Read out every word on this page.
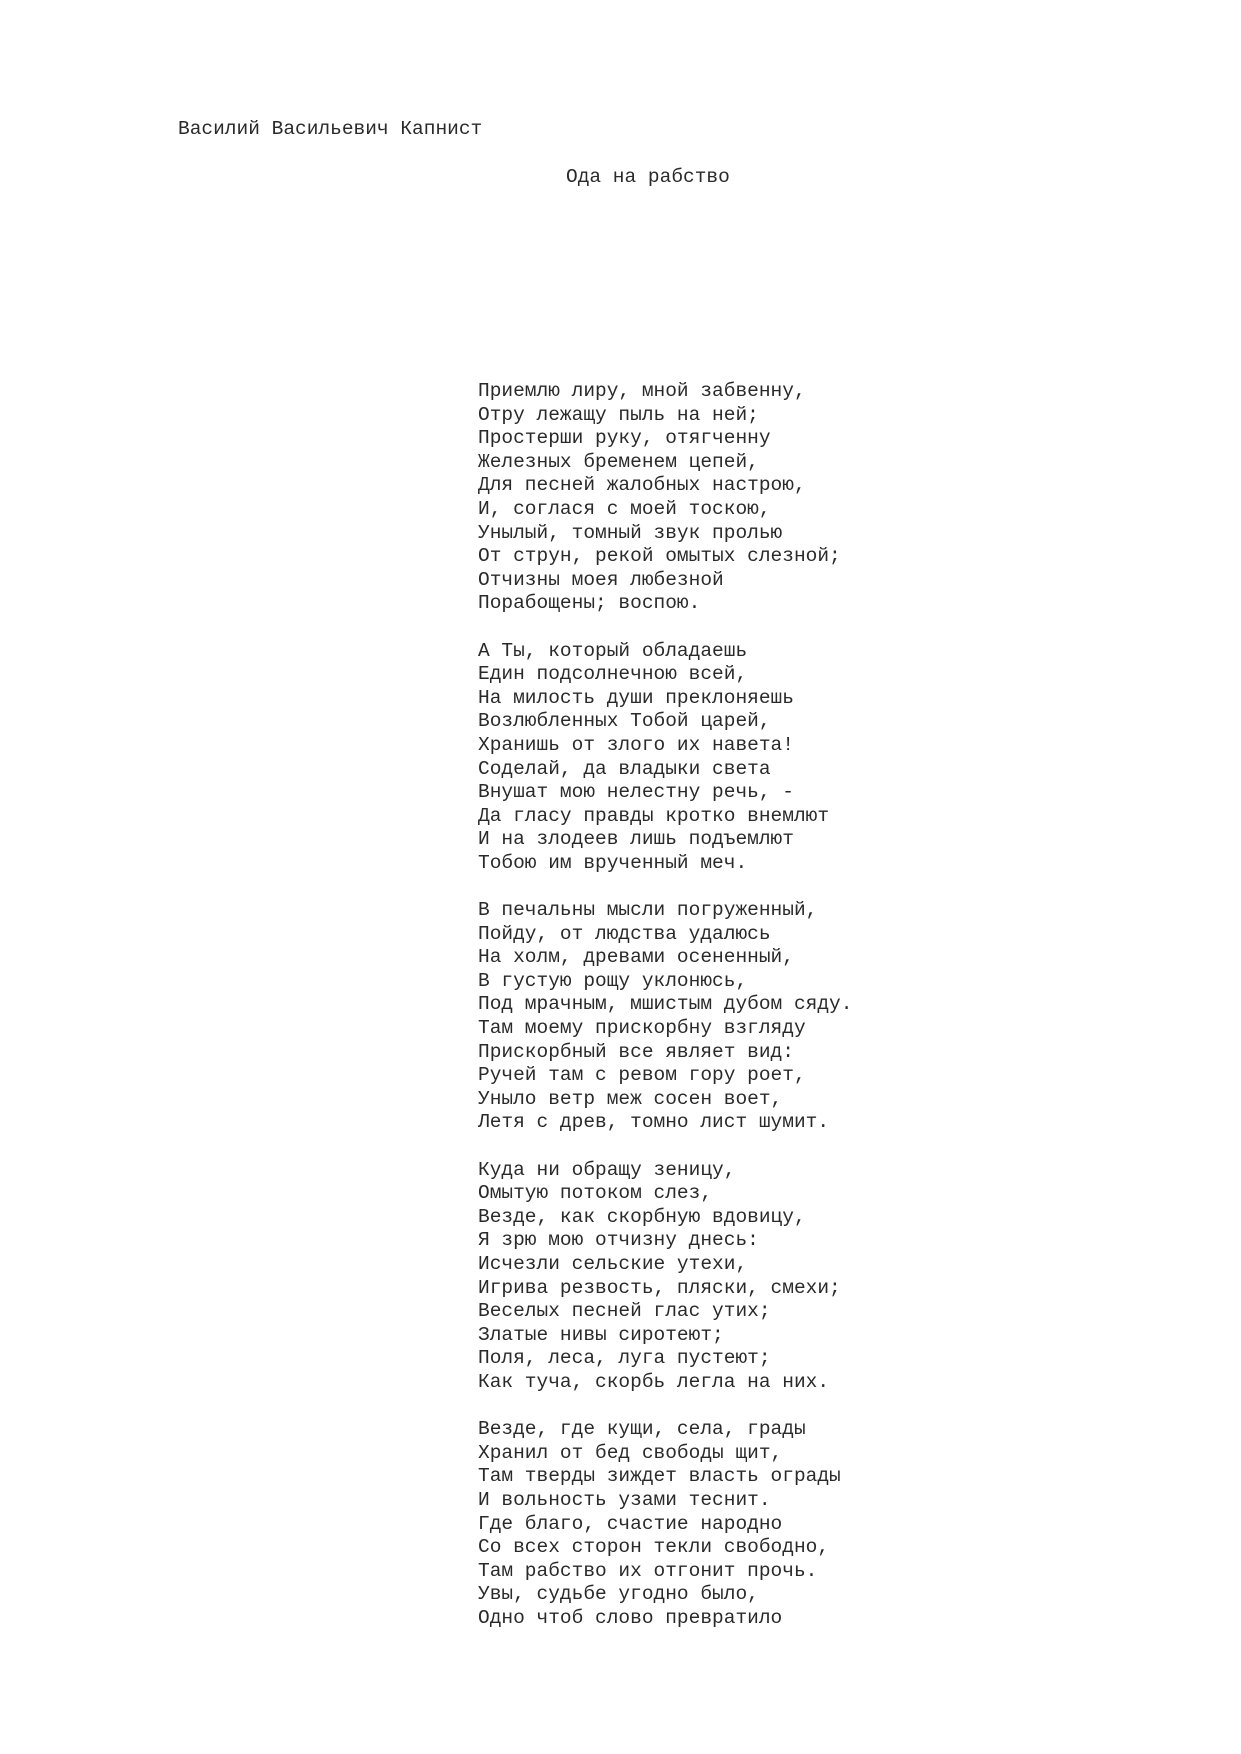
Василий Васильевич Капнист

Ода на рабство

Приемлю лиру, мной забвенну,
Отру лежащу пыль на ней;
Простерши руку, отягченну
Железных бременем цепей,
Для песней жалобных настрою,
И, соглася с моей тоскою,
Унылый, томный звук пролью
От струн, рекой омытых слезной;
Отчизны моея любезной
Порабощены; воспою.
А Ты, который обладаешь
Един подсолнечною всей,
На милость души преклоняешь
Возлюбленных Тобой царей,
Хранишь от злого их навета!
Соделай, да владыки света
Внушат мою нелестну речь, -
Да гласу правды кротко внемлют
И на злодеев лишь подъемлют
Тобою им врученный меч.
В печальны мысли погруженный,
Пойду, от людства удалюсь
На холм, древами осененный,
В густую рощу уклонюсь,
Под мрачным, мшистым дубом сяду.
Там моему прискорбну взгляду
Прискорбный все являет вид:
Ручей там с ревом гору роет,
Уныло ветр меж сосен воет,
Летя с древ, томно лист шумит.
Куда ни обращу зеницу,
Омытую потоком слез,
Везде, как скорбную вдовицу,
Я зрю мою отчизну днесь:
Исчезли сельские утехи,
Игрива резвость, пляски, смехи;
Веселых песней глас утих;
Златые нивы сиротеют;
Поля, леса, луга пустеют;
Как туча, скорбь легла на них.
Везде, где кущи, села, грады
Хранил от бед свободы щит,
Там тверды зиждет власть ограды
И вольность узами теснит.
Где благо, счастие народно
Со всех сторон текли свободно,
Там рабство их отгонит прочь.
Увы, судьбе угодно было,
Одно чтоб слово превратило
